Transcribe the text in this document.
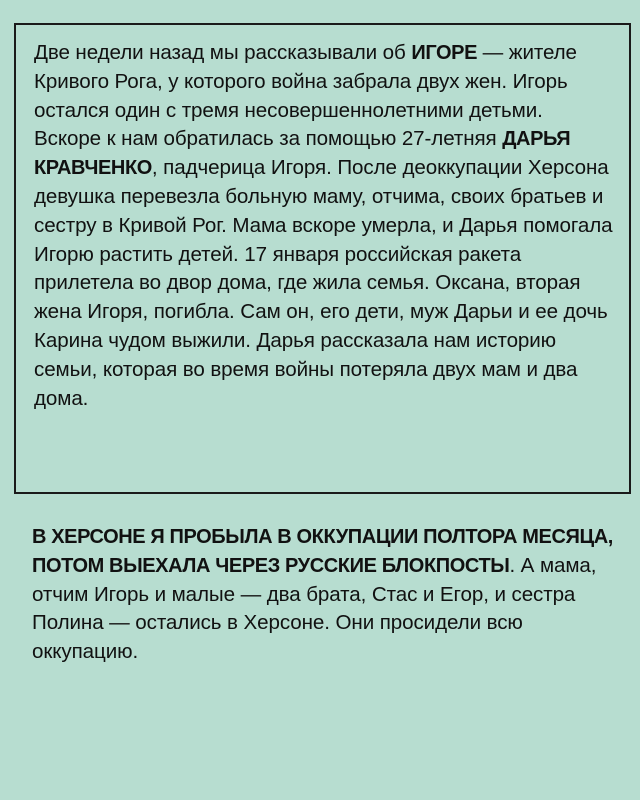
Две недели назад мы рассказывали об ИГОРЕ — жителе Кривого Рога, у которого война забрала двух жен. Игорь остался один с тремя несовершеннолетними детьми. Вскоре к нам обратилась за помощью 27-летняя ДАРЬЯ КРАВЧЕНКО, падчерица Игоря. После деоккупации Херсона девушка перевезла больную маму, отчима, своих братьев и сестру в Кривой Рог. Мама вскоре умерла, и Дарья помогала Игорю растить детей. 17 января российская ракета прилетела во двор дома, где жила семья. Оксана, вторая жена Игоря, погибла. Сам он, его дети, муж Дарьи и ее дочь Карина чудом выжили. Дарья рассказала нам историю семьи, которая во время войны потеряла двух мам и два дома.

В ХЕРСОНЕ Я ПРОБЫЛА В ОККУПАЦИИ ПОЛТОРА МЕСЯЦА, ПОТОМ ВЫЕХАЛА ЧЕРЕЗ РУССКИЕ БЛОКПОСТЫ. А мама, отчим Игорь и малые — два брата, Стас и Егор, и сестра Полина — остались в Херсоне. Они просидели всю оккупацию.
